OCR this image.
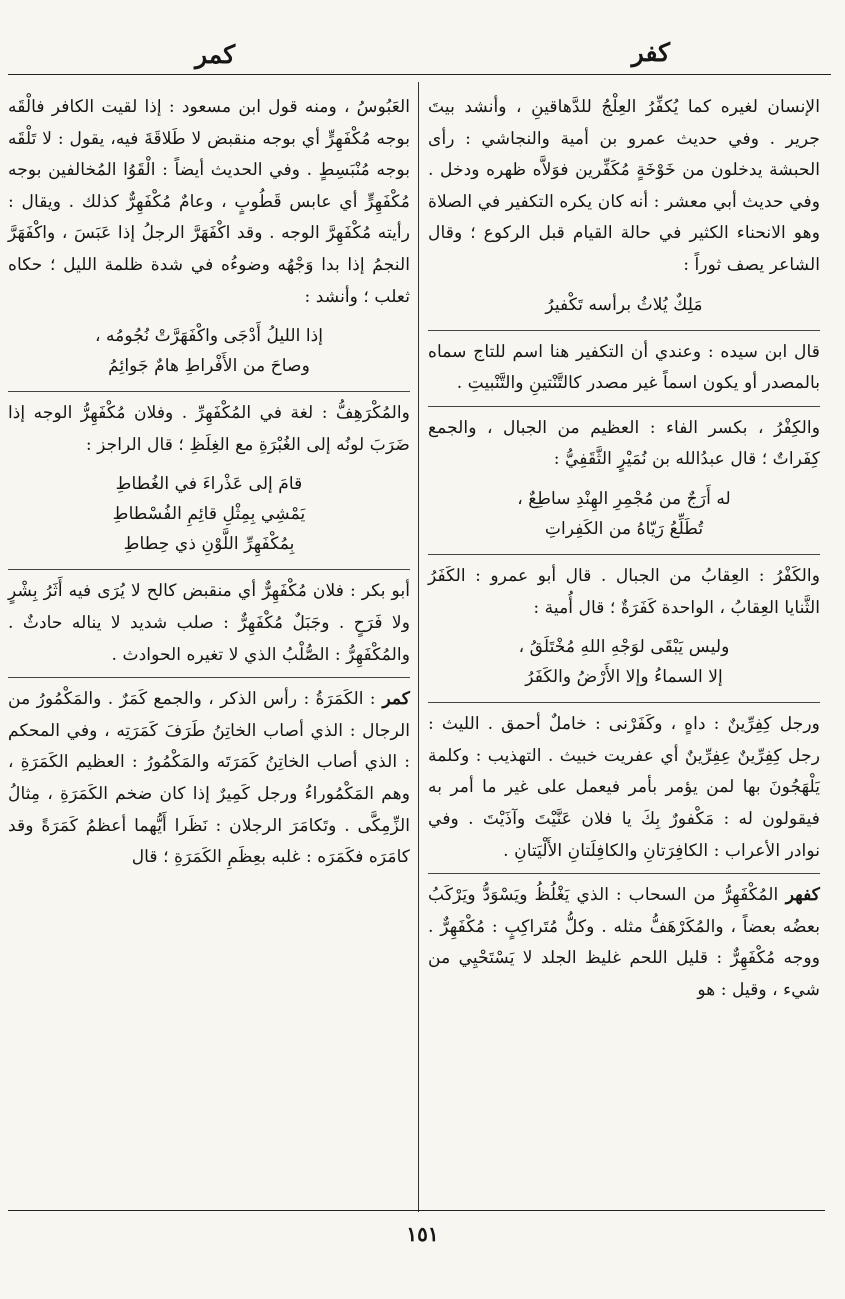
كفر
كمر

الإنسان لغيره كما يُكفِّرُ العِلْجُ للدَّهاقينِ ، وأنشد بيتَ جرير . وفي حديث عمرو بن أمية والنجاشي : رأى الحبشة يدخلون من خَوْخَةٍ مُكَفِّرين فوَلاَّه ظهره ودخل . وفي حديث أبي معشر : أنه كان يكره التكفير في الصلاة وهو الانحناء الكثير في حالة القيام قبل الركوع ؛ وقال الشاعر يصف ثوراً :

مَلِكٌ يُلاثُ برأسه تَكْفيرُ

قال ابن سيده : وعندي أن التكفير هنا اسم للتاج سماه بالمصدر أو يكون اسماً غير مصدر كالتَّنْتينِ والتَّنْبيتِ .

والكِفْرُ ، بكسر الفاء : العظيم من الجبال ، والجمع كِفَراتٌ ؛ قال عبدُالله بن نُمَيْرٍ الثَّقَفِيُّ :

له أَرَجٌ من مُجْمِرِ الهِنْدِ ساطِعٌ ،
تُطَلِّعُ رَيّاهُ من الكَفِراتِ

والكَفْرُ : العِقابُ من الجبال . قال أبو عمرو : الكَفَرُ الثَّنايا العِقابُ ، الواحدة كَفَرَةٌ ؛ قال أُمية :

وليس يَبْقَى لوَجْهِ اللهِ مُخْتَلَقُ ،
إلا السماءُ وإلا الأَرْضُ والكَفَرُ

ورجل كِفِرِّينٌ : داهٍ ، وكَفَرْنى : خاملٌ أحمق . الليث : رجل كِفِرِّينٌ عِفِرِّينٌ أي عفريت خبيث . التهذيب : وكلمة يَلْهَجُونَ بها لمن يؤمر بأمر فيعمل على غير ما أمر به فيقولون له : مَكْفورٌ بِكَ يا فلان عَنَّيْتَ وآذَيْتَ . وفي نوادر الأعراب : الكافِرَتانِ والكافِلَتانِ الأَلْيَتانِ .

كفهر المُكْفَهِرُّ من السحاب : الذي يَغْلُظُ ويَسْوَدُّ ويَرْكَبُ بعضُه بعضاً ، والمُكَرْهَفُّ مثله . وكلُّ مُتَراكِبٍ : مُكْفَهِرٌّ . ووجه مُكْفَهِرٌّ : قليل اللحم غليظ الجلد لا يَسْتَحْيِي من شيء ، وقيل : هو

العَبُوسُ ، ومنه قول ابن مسعود : إذا لقيت الكافر فالْقَه بوجه مُكْفَهِرٍّ أي بوجه منقبض لا طَلاقَةَ فيه، يقول : لا تَلْقَه بوجه مُنْبَسِطٍ . وفي الحديث أيضاً : الْقَوُا المُخالفين بوجه مُكْفَهِرٍّ أي عابس قَطُوبٍ ، وعامٌ مُكْفَهِرٌّ كذلك . ويقال : رأيته مُكْفَهِرَّ الوجه . وقد اكْفَهَرَّ الرجلُ إذا عَبَسَ ، واكْفَهَرَّ النجمُ إذا بدا وَجْهُه وضوءُه في شدة ظلمة الليل ؛ حكاه ثعلب ؛ وأنشد :

إذا الليلُ أَدْجَى واكْفَهَرَّتْ نُجُومُه ،
وصاحَ من الأَفْراطِ هامٌ جَوائِمُ

والمُكْرَهِفُّ : لغة في المُكْفَهِرِّ . وفلان مُكْفَهِرُّ الوجه إذا ضَرَبَ لونُه إلى الغُبْرَةِ مع الغِلَظِ ؛ قال الراجز :

قامَ إلى عَذْراءَ في الغُطاطِ
يَمْشِي بِمِثْلِ قائِمِ الفُسْطاطِ
بِمُكْفَهِرِّ اللَّوْنِ ذي حِطاطِ

أبو بكر : فلان مُكْفَهِرٌّ أي منقبض كالح لا يُرَى فيه أَثَرُ بِشْرٍ ولا فَرَحٍ . وجَبَلٌ مُكْفَهِرٌّ : صلب شديد لا يناله حادثٌ . والمُكْفَهِرُّ : الصُّلْبُ الذي لا تغيره الحوادث .

كمر : الكَمَرَةُ : رأس الذكر ، والجمع كَمَرٌ . والمَكْمُورُ من الرجال : الذي أصاب الخاتِنُ طَرَفَ كَمَرَتِه ، وفي المحكم : الذي أصاب الخاتِنُ كَمَرَتَه والمَكْمُورُ : العظيم الكَمَرَةِ ، وهم المَكْمُوراءُ ورجل كَمِيرٌ إذا كان ضخم الكَمَرَةِ ، مِثالُ الزِّمِكَّى . وتَكامَرَ الرجلان : نَظَرا أَيُّهما أعظمُ كَمَرَةً وقد كامَرَه فكَمَرَه : غلبه بعِظَمِ الكَمَرَةِ ؛ قال

١٥١
